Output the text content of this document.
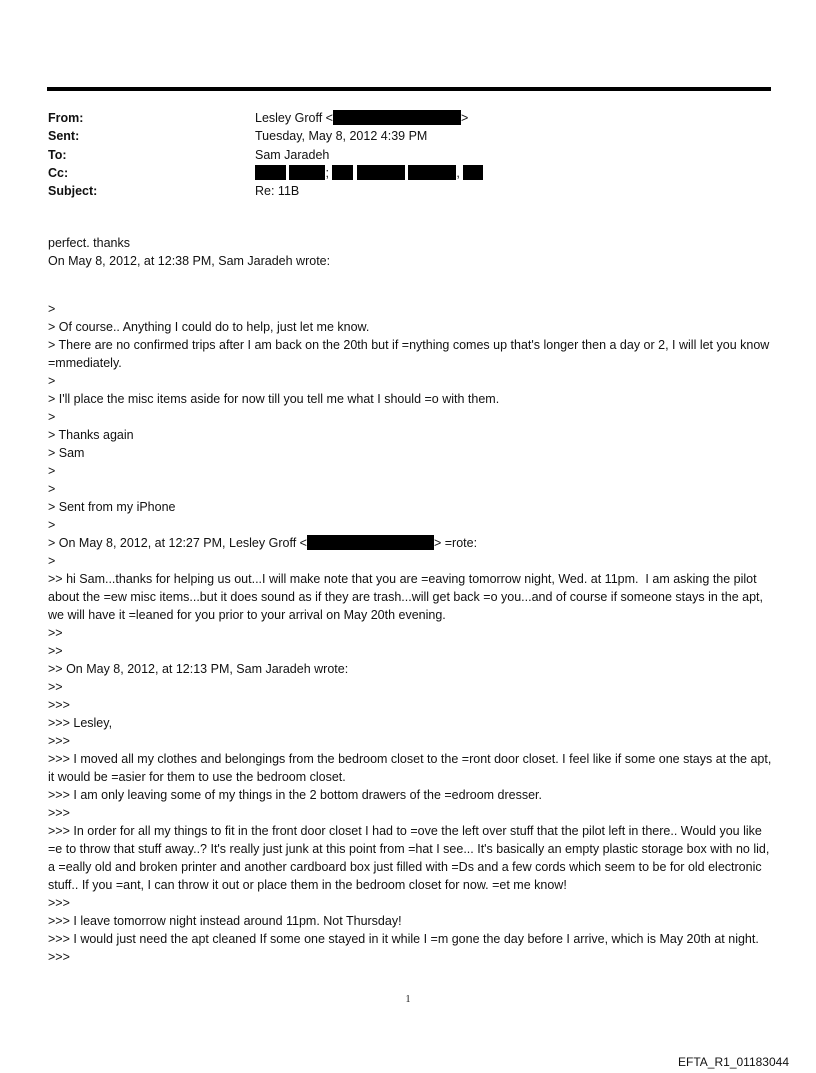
From:	Lesley Groff <	>
Sent:	Tuesday, May 8, 2012 4:39 PM
To:	Sam Jaradeh
Cc:	;	,
Subject:	Re: 11B
perfect. thanks
On May 8, 2012, at 12:38 PM, Sam Jaradeh wrote:
>
> Of course.. Anything I could do to help, just let me know.
> There are no confirmed trips after I am back on the 20th but if =nything comes up that's longer then a day or 2, I will let you know =mmediately.
>
> I'll place the misc items aside for now till you tell me what I should =o with them.
>
> Thanks again
> Sam
>
>
> Sent from my iPhone
>
> On May 8, 2012, at 12:27 PM, Lesley Groff <	> =rote:
>
>> hi Sam...thanks for helping us out...I will make note that you are =eaving tomorrow night, Wed. at 11pm.  I am asking the pilot about the =ew misc items...but it does sound as if they are trash...will get back =o you...and of course if someone stays in the apt, we will have it =leaned for you prior to your arrival on May 20th evening.
>>
>>
>> On May 8, 2012, at 12:13 PM, Sam Jaradeh wrote:
>>
>>>
>>> Lesley,
>>>
>>> I moved all my clothes and belongings from the bedroom closet to the =ront door closet. I feel like if some one stays at the apt, it would be =asier for them to use the bedroom closet.
>>> I am only leaving some of my things in the 2 bottom drawers of the =edroom dresser.
>>>
>>> In order for all my things to fit in the front door closet I had to =ove the left over stuff that the pilot left in there.. Would you like =e to throw that stuff away..? It's really just junk at this point from =hat I see... It's basically an empty plastic storage box with no lid, a =eally old and broken printer and another cardboard box just filled with =Ds and a few cords which seem to be for old electronic stuff.. If you =ant, I can throw it out or place them in the bedroom closet for now. =et me know!
>>>
>>> I leave tomorrow night instead around 11pm. Not Thursday!
>>> I would just need the apt cleaned If some one stayed in it while I =m gone the day before I arrive, which is May 20th at night.
>>>
1
EFTA_R1_01183044
